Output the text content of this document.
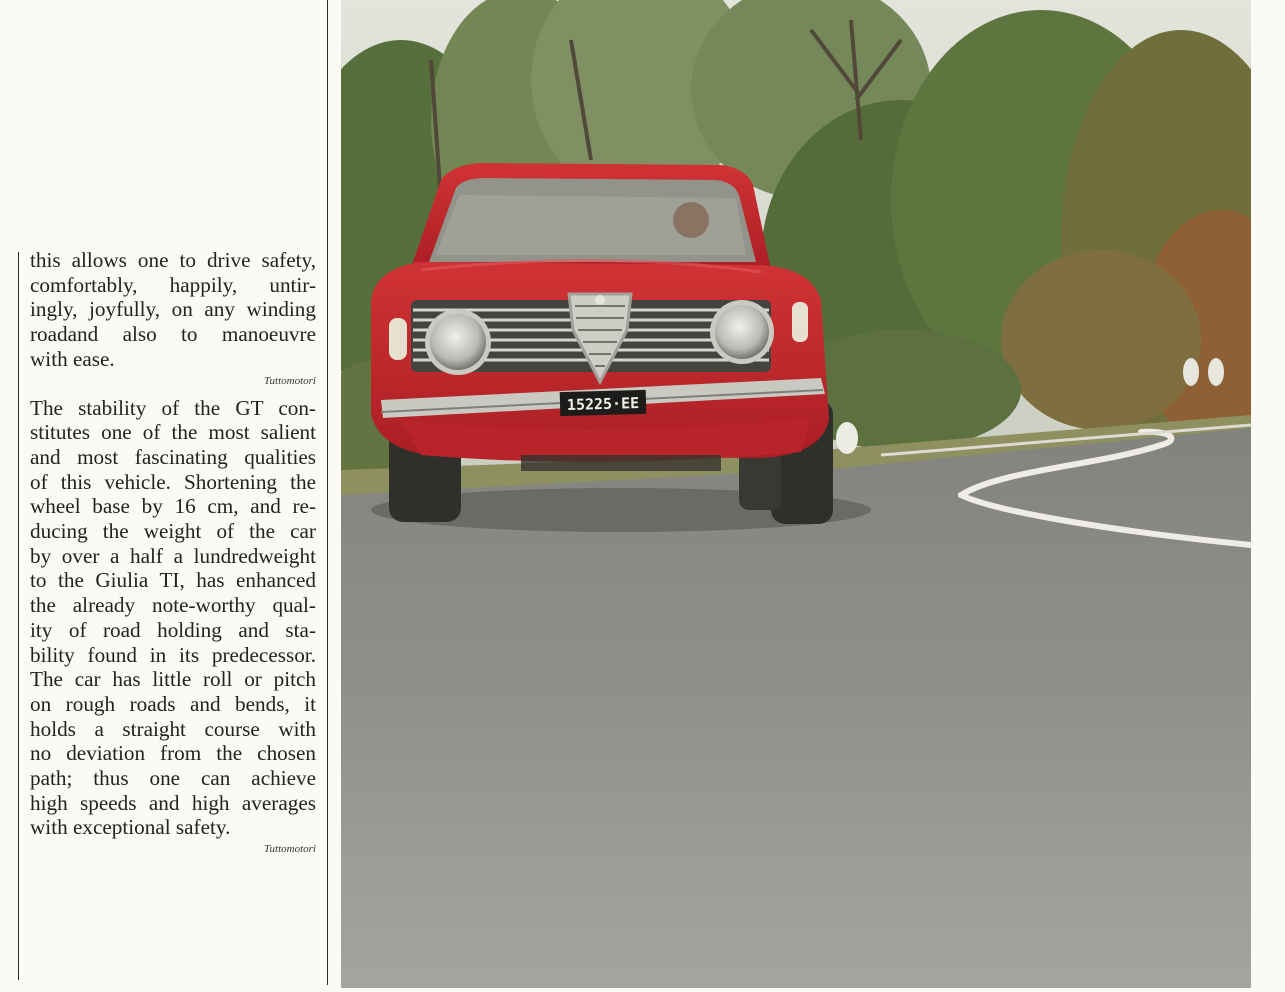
this allows one to drive safety,
comfortably, happily, untir-
ingly, joyfully, on any winding
roadand also to manoeuvre
with ease.

Tuttomotori

The stability of the GT con-
stitutes one of the most salient
and most fascinating qualities
of this vehicle. Shortening the
wheel base by 16 cm, and re-
ducing the weight of the car
by over a half a lundredweight
to the Giulia TI, has enhanced
the already note-worthy qual-
ity of road holding and sta-
bility found in its predecessor.
The car has little roll or pitch
on rough roads and bends, it
holds a straight course with
no deviation from the chosen
path; thus one can achieve
high speeds and high averages
with exceptional safety.

Tuttomotori
15225·EE
